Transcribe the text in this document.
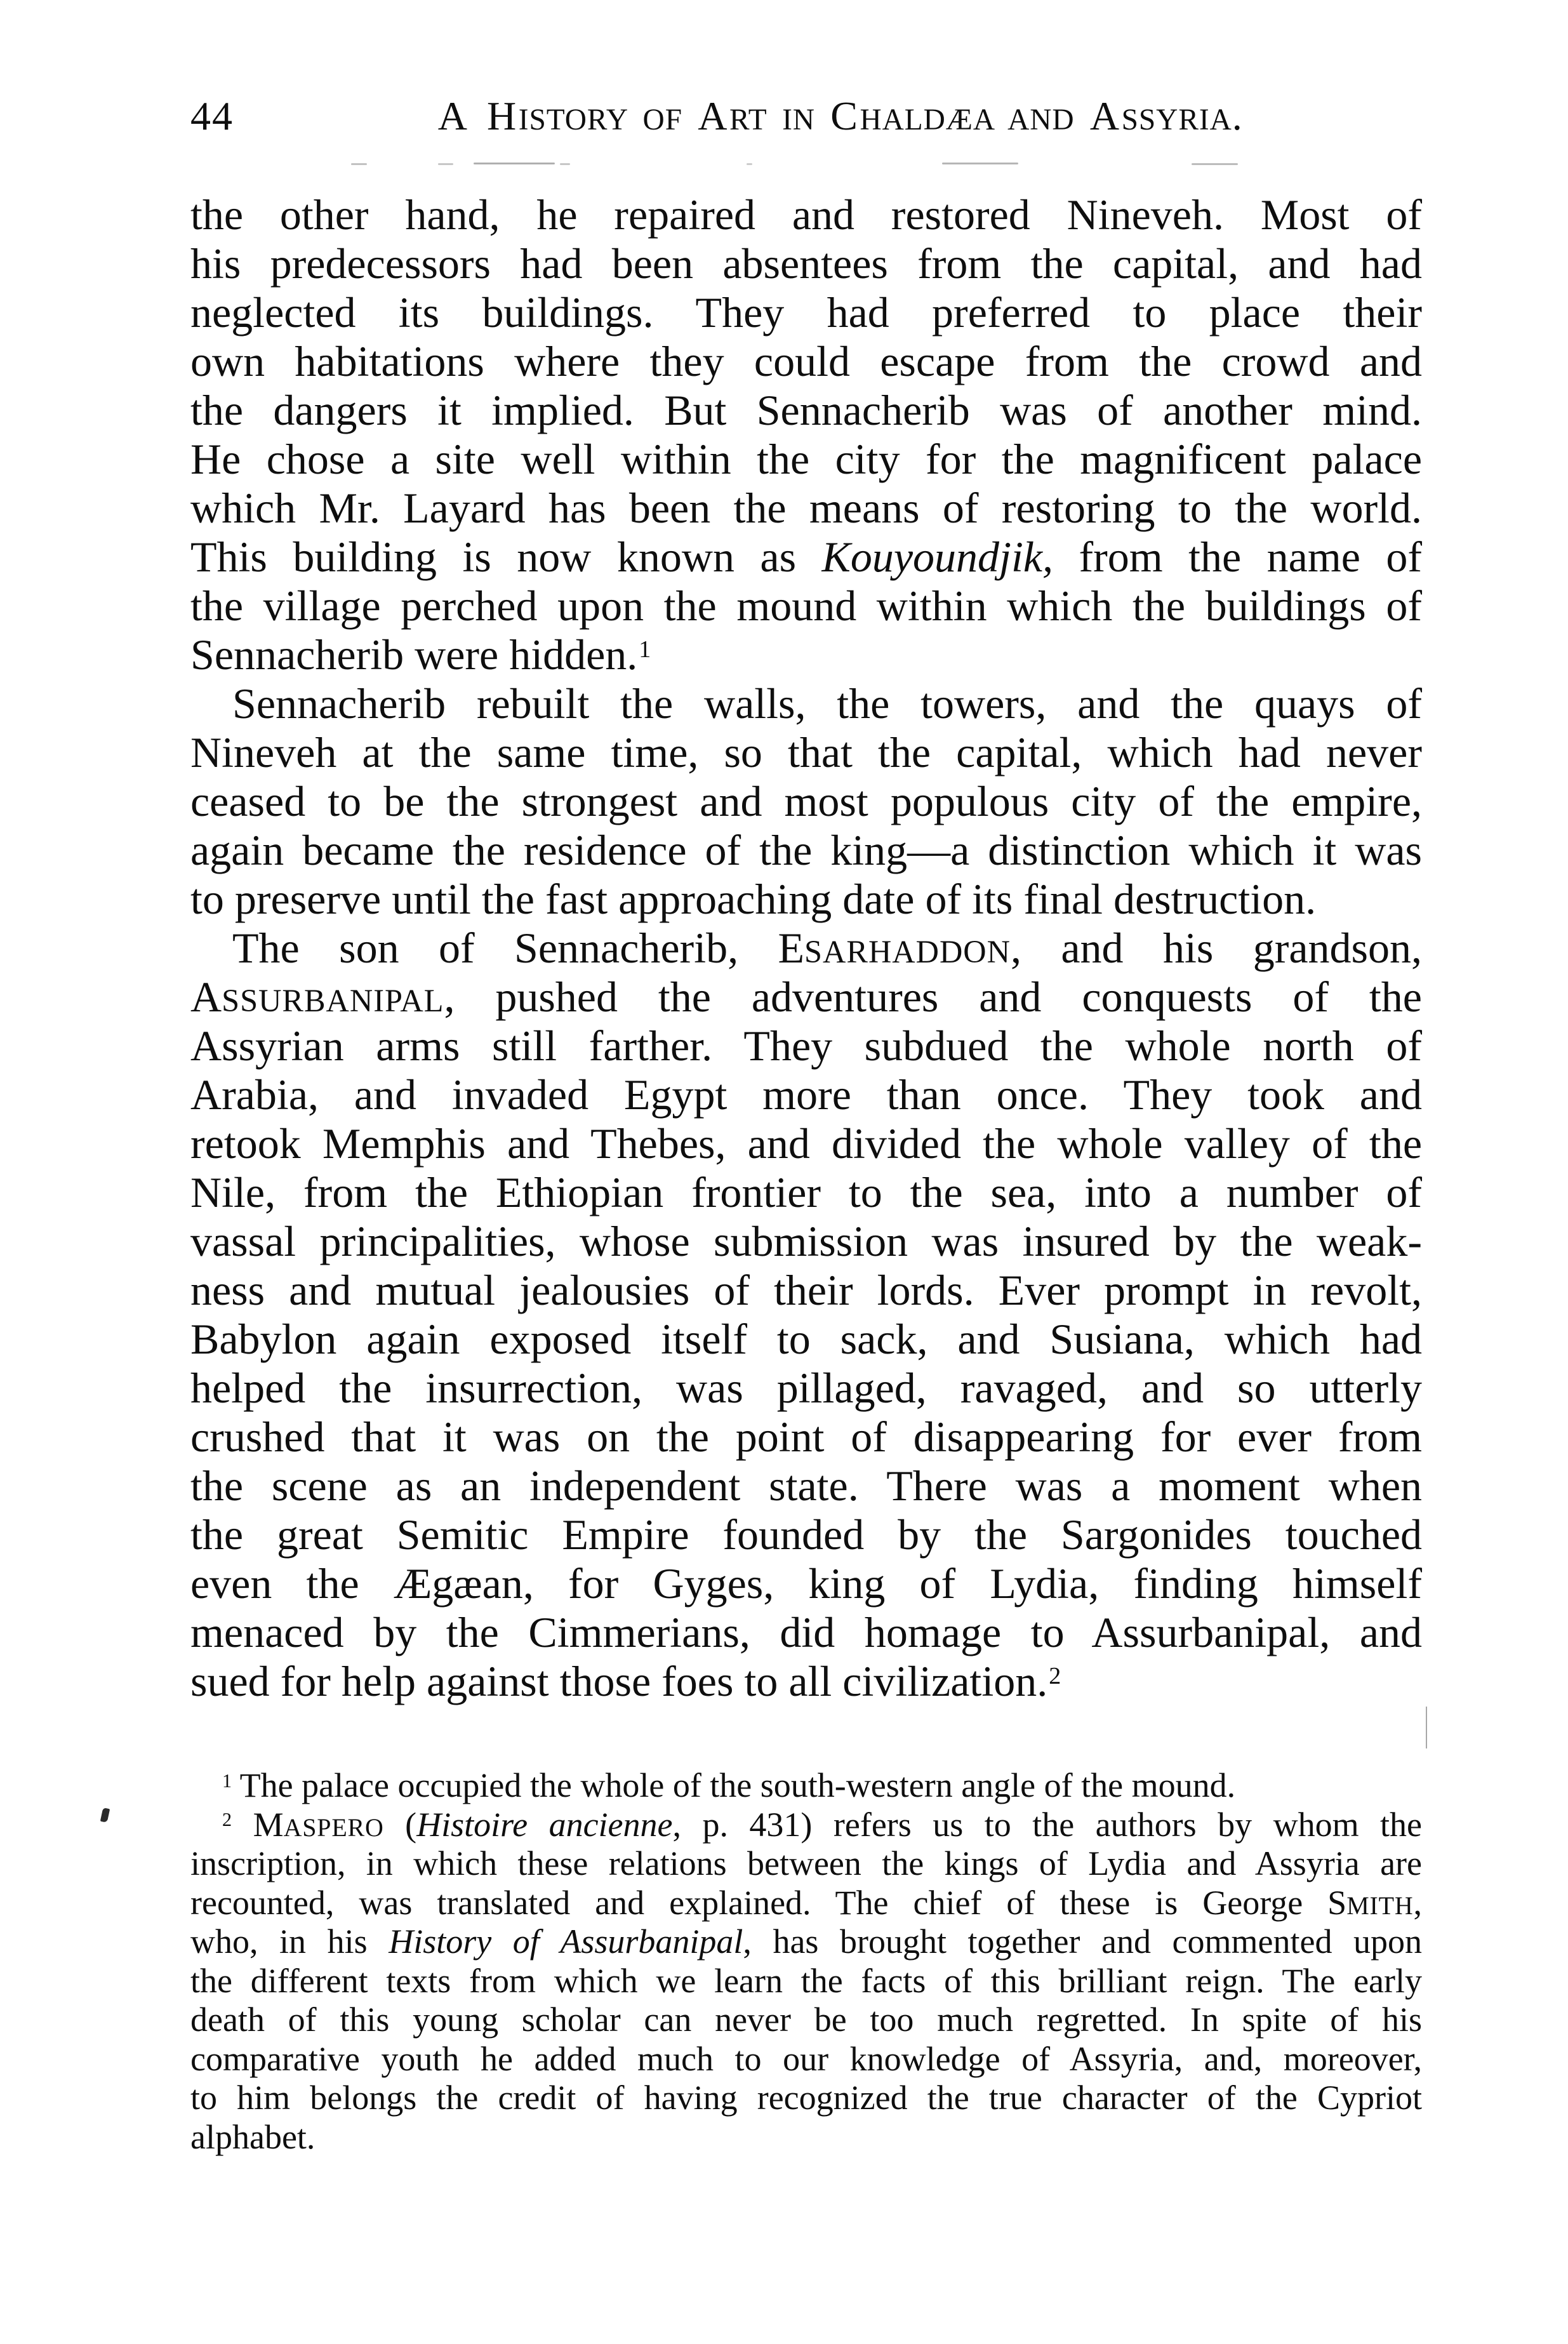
44	A HISTORY OF ART IN CHALDÆA AND ASSYRIA.
the other hand, he repaired and restored Nineveh. Most of
his predecessors had been absentees from the capital, and had
neglected its buildings. They had preferred to place their
own habitations where they could escape from the crowd and
the dangers it implied. But Sennacherib was of another mind.
He chose a site well within the city for the magnificent palace
which Mr. Layard has been the means of restoring to the world.
This building is now known as Kouyoundjik, from the name of
the village perched upon the mound within which the buildings of
Sennacherib were hidden.$^1$
Sennacherib rebuilt the walls, the towers, and the quays of
Nineveh at the same time, so that the capital, which had never
ceased to be the strongest and most populous city of the empire,
again became the residence of the king—a distinction which it was
to preserve until the fast approaching date of its final destruction.
The son of Sennacherib, ESARHADDON, and his grandson,
ASSURBANIPAL, pushed the adventures and conquests of the
Assyrian arms still farther. They subdued the whole north of
Arabia, and invaded Egypt more than once. They took and
retook Memphis and Thebes, and divided the whole valley of the
Nile, from the Ethiopian frontier to the sea, into a number of
vassal principalities, whose submission was insured by the weak-
ness and mutual jealousies of their lords. Ever prompt in revolt,
Babylon again exposed itself to sack, and Susiana, which had
helped the insurrection, was pillaged, ravaged, and so utterly
crushed that it was on the point of disappearing for ever from
the scene as an independent state. There was a moment when
the great Semitic Empire founded by the Sargonides touched
even the Ægæan, for Gyges, king of Lydia, finding himself
menaced by the Cimmerians, did homage to Assurbanipal, and
sued for help against those foes to all civilization.$^2$
$^1$ The palace occupied the whole of the south-western angle of the mound.
$^2$ MASPERO (Histoire ancienne, p. 431) refers us to the authors by whom the
inscription, in which these relations between the kings of Lydia and Assyria are
recounted, was translated and explained. The chief of these is George SMITH,
who, in his History of Assurbanipal, has brought together and commented upon
the different texts from which we learn the facts of this brilliant reign. The early
death of this young scholar can never be too much regretted. In spite of his
comparative youth he added much to our knowledge of Assyria, and, moreover,
to him belongs the credit of having recognized the true character of the Cypriot
alphabet.
